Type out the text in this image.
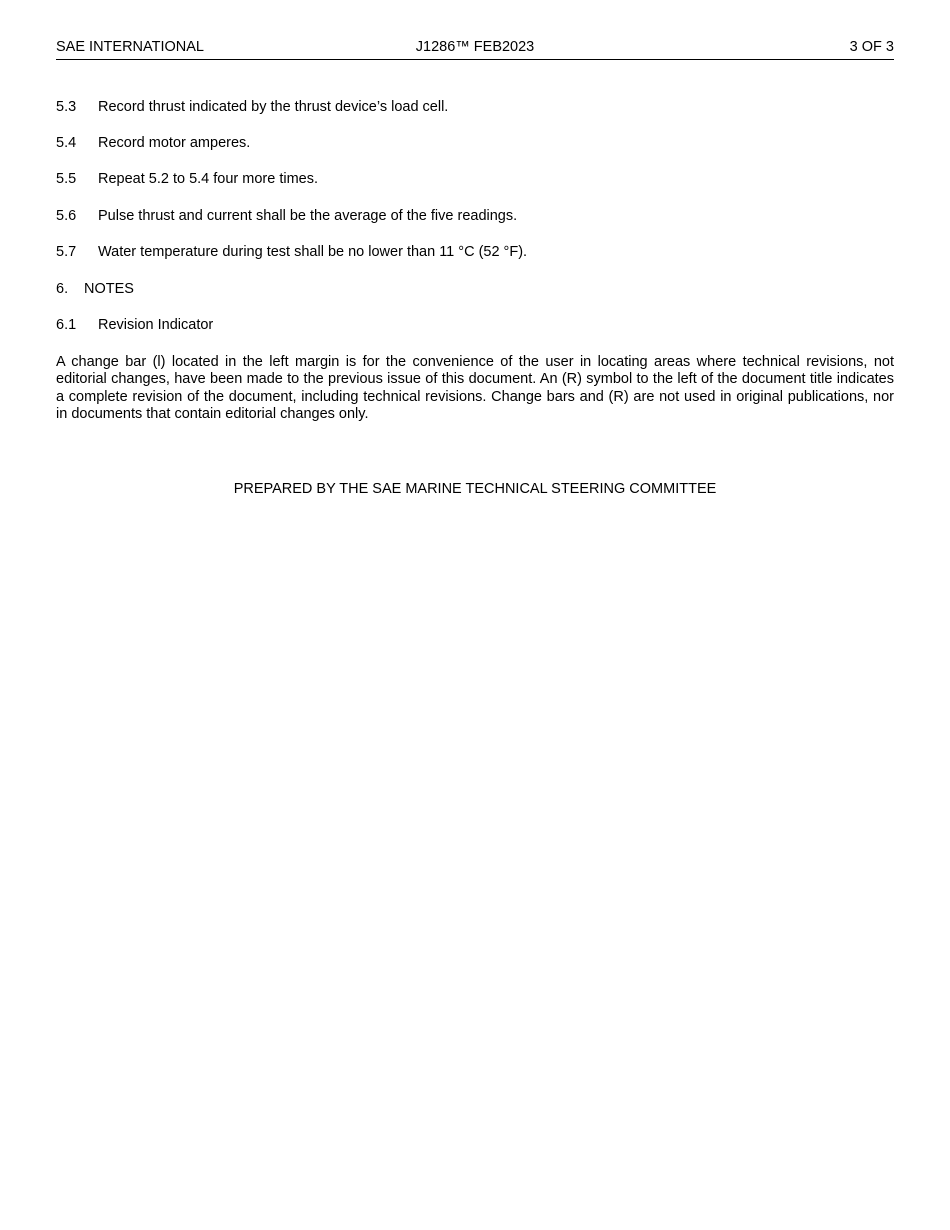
SAE INTERNATIONAL	J1286™ FEB2023	3 OF 3
5.3 Record thrust indicated by the thrust device’s load cell.
5.4 Record motor amperes.
5.5 Repeat 5.2 to 5.4 four more times.
5.6 Pulse thrust and current shall be the average of the five readings.
5.7 Water temperature during test shall be no lower than 11 °C (52 °F).
6. NOTES
6.1 Revision Indicator

A change bar (l) located in the left margin is for the convenience of the user in locating areas where technical revisions, not editorial changes, have been made to the previous issue of this document. An (R) symbol to the left of the document title indicates a complete revision of the document, including technical revisions. Change bars and (R) are not used in original publications, nor in documents that contain editorial changes only.

PREPARED BY THE SAE MARINE TECHNICAL STEERING COMMITTEE
